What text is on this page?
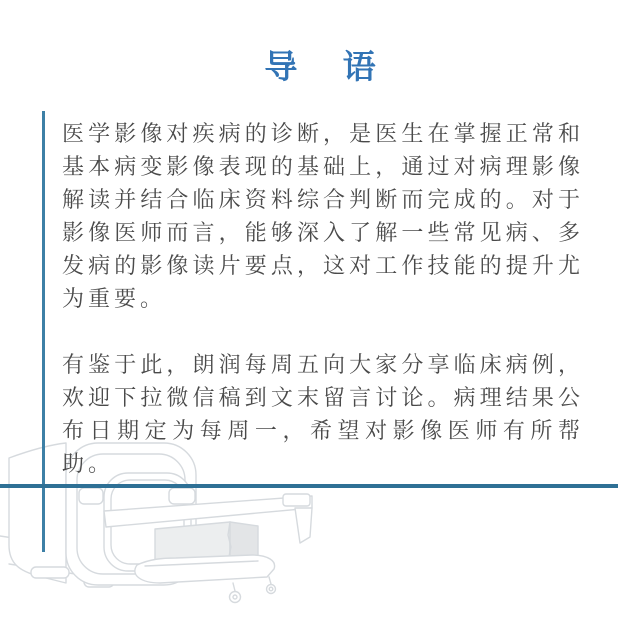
导 语

医学影像对疾病的诊断，是医生在掌握正常和基本病变影像表现的基础上，通过对病理影像解读并结合临床资料综合判断而完成的。对于影像医师而言，能够深入了解一些常见病、多发病的影像读片要点，这对工作技能的提升尤为重要。

有鉴于此，朗润每周五向大家分享临床病例，欢迎下拉微信稿到文末留言讨论。病理结果公布日期定为每周一，希望对影像医师有所帮助。
